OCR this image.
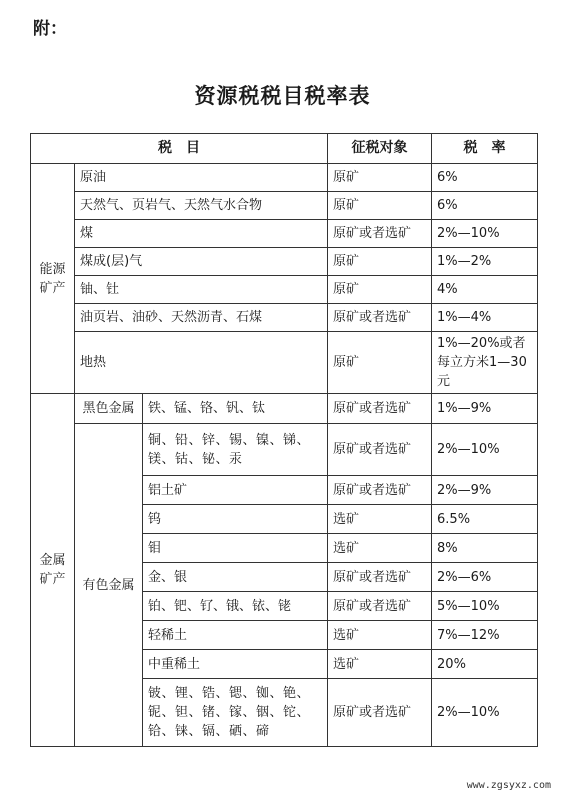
附：
资源税税目税率表
税　目			征税对象	税　率
能源矿产	原油		原矿	6%
	天然气、页岩气、天然气水合物		原矿	6%
	煤		原矿或者选矿	2%—10%
	煤成(层)气		原矿	1%—2%
	铀、钍		原矿	4%
	油页岩、油砂、天然沥青、石煤		原矿或者选矿	1%—4%
	地热		原矿	1%—20%或者每立方米1—30元
金属矿产	黑色金属	铁、锰、铬、钒、钛	原矿或者选矿	1%—9%
	有色金属	铜、铅、锌、锡、镍、锑、镁、钴、铋、汞	原矿或者选矿	2%—10%
		铝土矿	原矿或者选矿	2%—9%
		钨	选矿	6.5%
		钼	选矿	8%
		金、银	原矿或者选矿	2%—6%
		铂、钯、钌、锇、铱、铑	原矿或者选矿	5%—10%
		轻稀土	选矿	7%—12%
		中重稀土	选矿	20%
		铍、锂、锆、锶、铷、铯、铌、钽、锗、镓、铟、铊、铪、铼、镉、硒、碲	原矿或者选矿	2%—10%
www.zgsyxz.com
